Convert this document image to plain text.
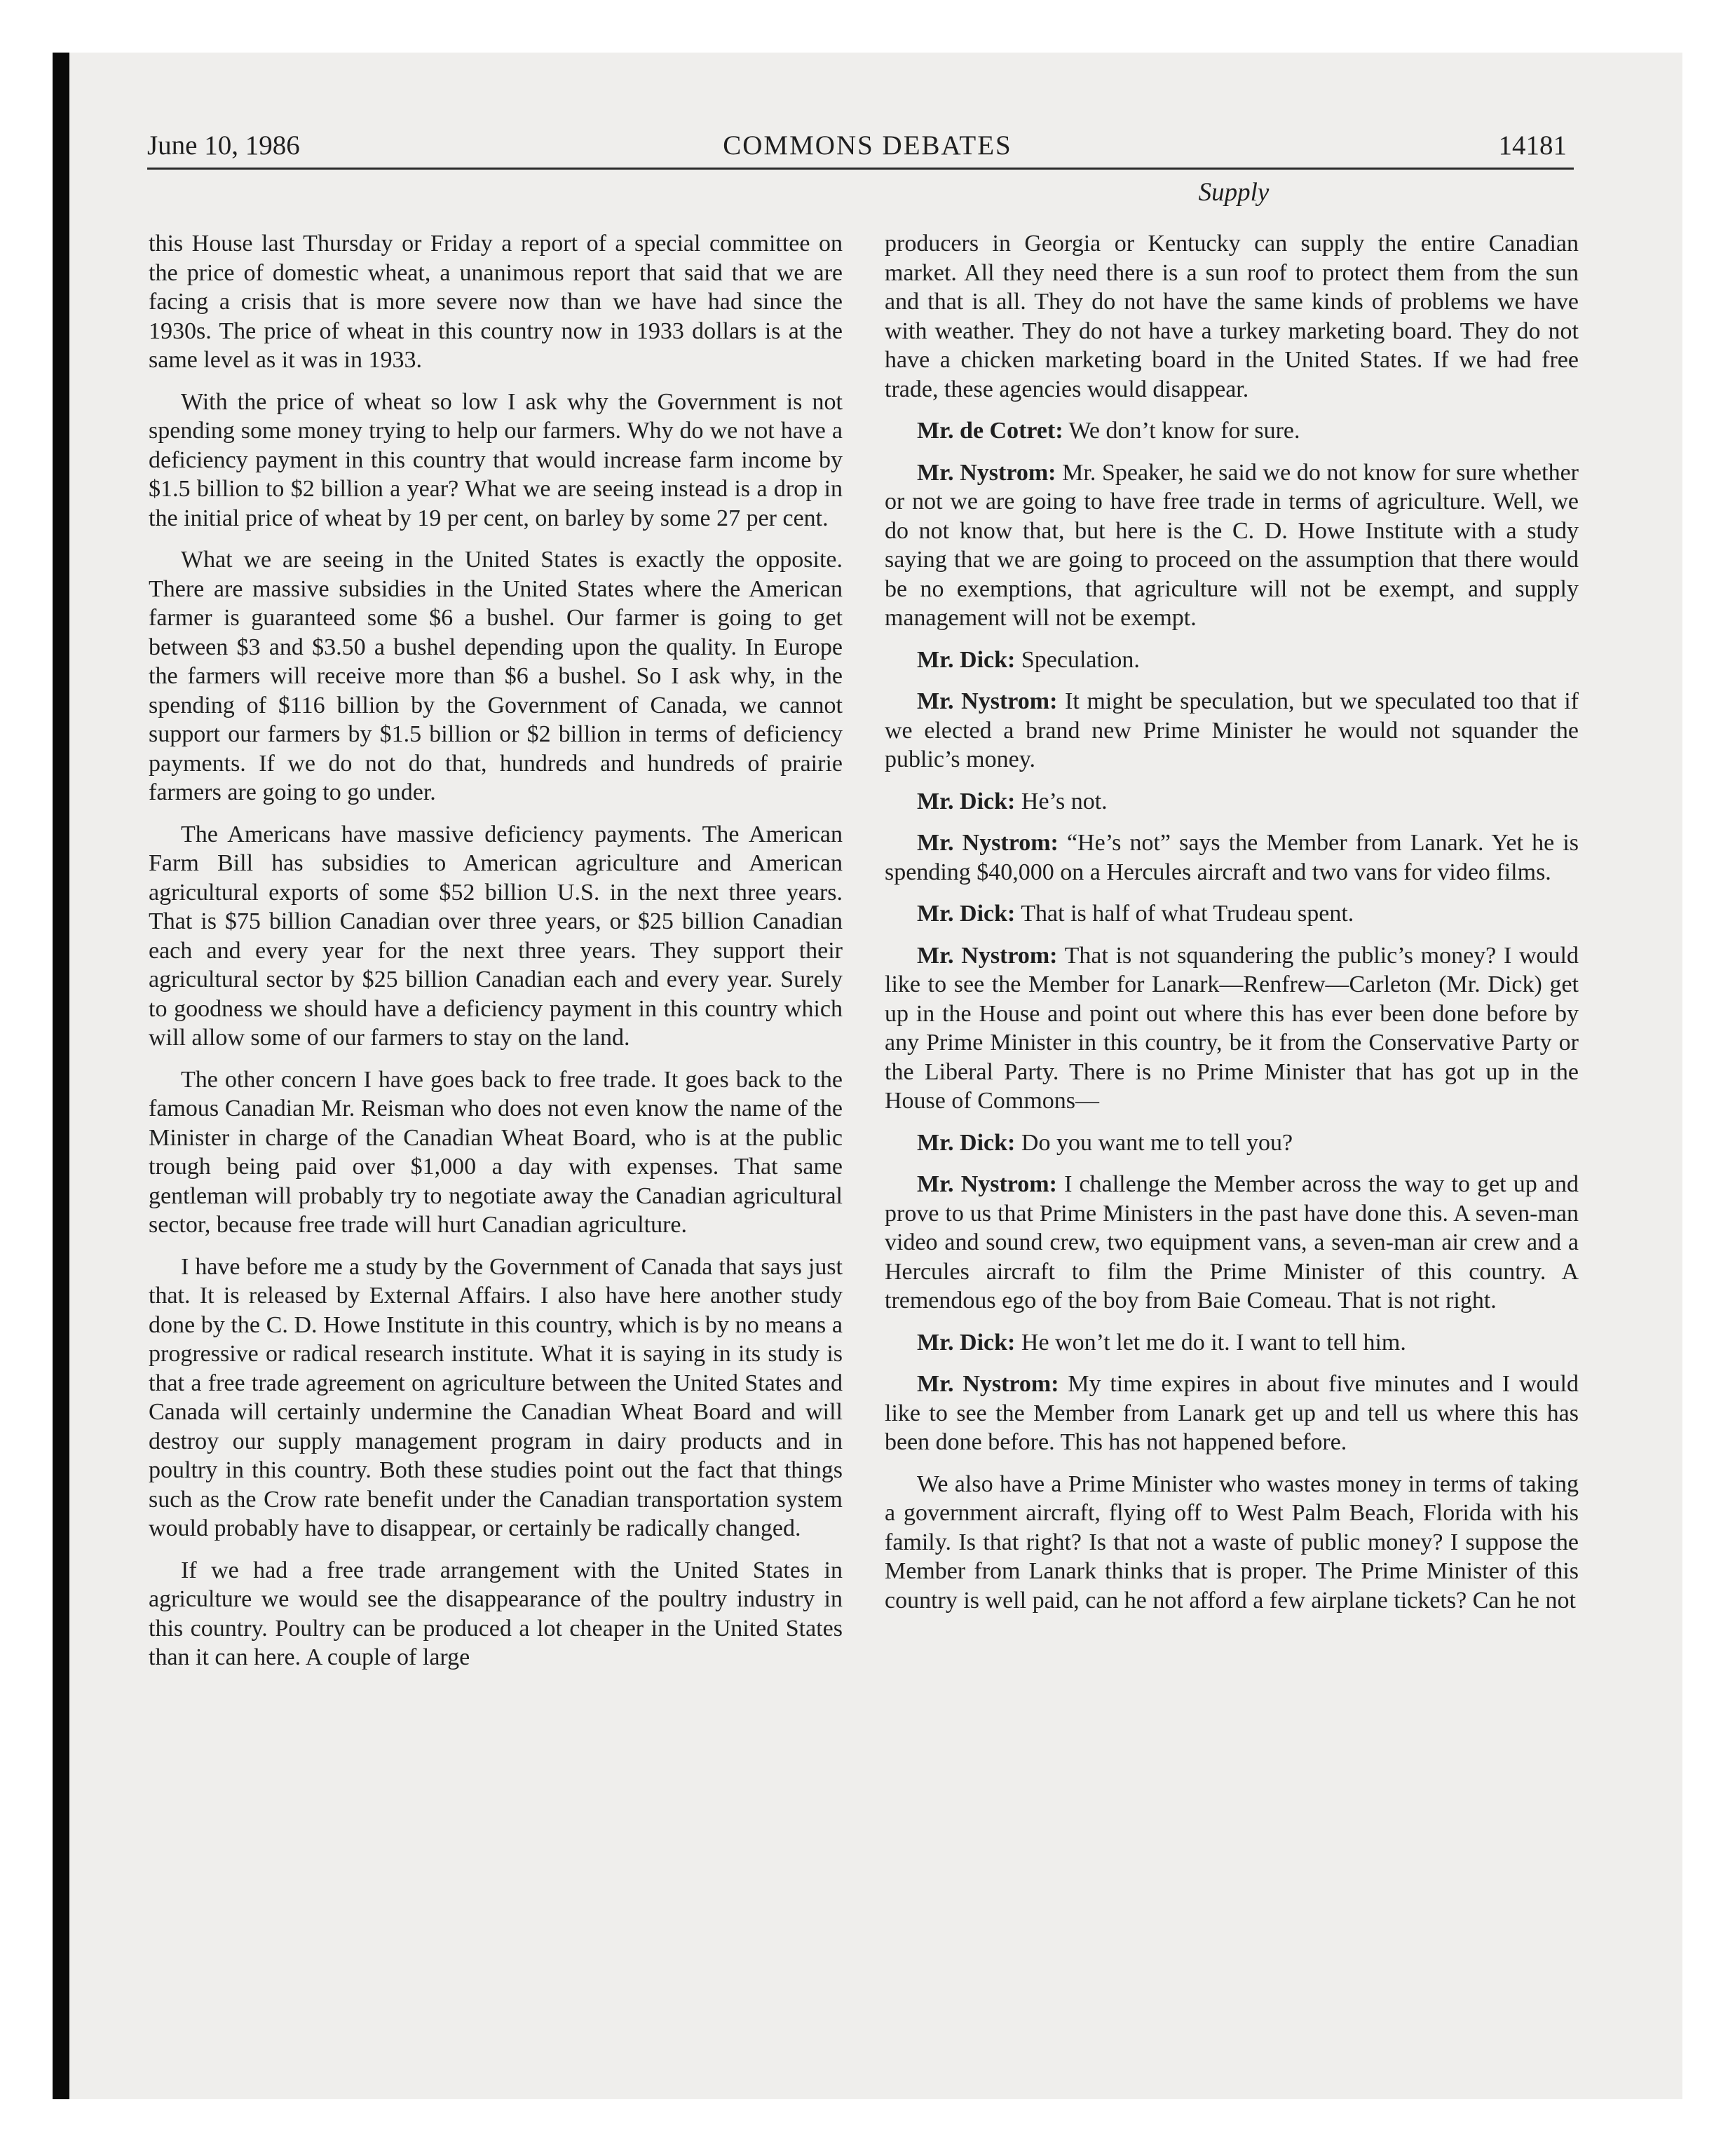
June 10, 1986	COMMONS DEBATES	14181
Supply

this House last Thursday or Friday a report of a special committee on the price of domestic wheat, a unanimous report that said that we are facing a crisis that is more severe now than we have had since the 1930s. The price of wheat in this country now in 1933 dollars is at the same level as it was in 1933.

With the price of wheat so low I ask why the Government is not spending some money trying to help our farmers. Why do we not have a deficiency payment in this country that would increase farm income by $1.5 billion to $2 billion a year? What we are seeing instead is a drop in the initial price of wheat by 19 per cent, on barley by some 27 per cent.

What we are seeing in the United States is exactly the opposite. There are massive subsidies in the United States where the American farmer is guaranteed some $6 a bushel. Our farmer is going to get between $3 and $3.50 a bushel depending upon the quality. In Europe the farmers will receive more than $6 a bushel. So I ask why, in the spending of $116 billion by the Government of Canada, we cannot support our farmers by $1.5 billion or $2 billion in terms of deficiency payments. If we do not do that, hundreds and hundreds of prairie farmers are going to go under.

The Americans have massive deficiency payments. The American Farm Bill has subsidies to American agriculture and American agricultural exports of some $52 billion U.S. in the next three years. That is $75 billion Canadian over three years, or $25 billion Canadian each and every year for the next three years. They support their agricultural sector by $25 billion Canadian each and every year. Surely to goodness we should have a deficiency payment in this country which will allow some of our farmers to stay on the land.

The other concern I have goes back to free trade. It goes back to the famous Canadian Mr. Reisman who does not even know the name of the Minister in charge of the Canadian Wheat Board, who is at the public trough being paid over $1,000 a day with expenses. That same gentleman will probably try to negotiate away the Canadian agricultural sector, because free trade will hurt Canadian agriculture.

I have before me a study by the Government of Canada that says just that. It is released by External Affairs. I also have here another study done by the C. D. Howe Institute in this country, which is by no means a progressive or radical research institute. What it is saying in its study is that a free trade agreement on agriculture between the United States and Canada will certainly undermine the Canadian Wheat Board and will destroy our supply management program in dairy products and in poultry in this country. Both these studies point out the fact that things such as the Crow rate benefit under the Canadian transportation system would probably have to disappear, or certainly be radically changed.

If we had a free trade arrangement with the United States in agriculture we would see the disappearance of the poultry industry in this country. Poultry can be produced a lot cheaper in the United States than it can here. A couple of large

producers in Georgia or Kentucky can supply the entire Canadian market. All they need there is a sun roof to protect them from the sun and that is all. They do not have the same kinds of problems we have with weather. They do not have a turkey marketing board. They do not have a chicken marketing board in the United States. If we had free trade, these agencies would disappear.

Mr. de Cotret: We don’t know for sure.

Mr. Nystrom: Mr. Speaker, he said we do not know for sure whether or not we are going to have free trade in terms of agriculture. Well, we do not know that, but here is the C. D. Howe Institute with a study saying that we are going to proceed on the assumption that there would be no exemptions, that agriculture will not be exempt, and supply management will not be exempt.

Mr. Dick: Speculation.

Mr. Nystrom: It might be speculation, but we speculated too that if we elected a brand new Prime Minister he would not squander the public’s money.

Mr. Dick: He’s not.

Mr. Nystrom: “He’s not” says the Member from Lanark. Yet he is spending $40,000 on a Hercules aircraft and two vans for video films.

Mr. Dick: That is half of what Trudeau spent.

Mr. Nystrom: That is not squandering the public’s money? I would like to see the Member for Lanark—Renfrew—Carleton (Mr. Dick) get up in the House and point out where this has ever been done before by any Prime Minister in this country, be it from the Conservative Party or the Liberal Party. There is no Prime Minister that has got up in the House of Commons—

Mr. Dick: Do you want me to tell you?

Mr. Nystrom: I challenge the Member across the way to get up and prove to us that Prime Ministers in the past have done this. A seven-man video and sound crew, two equipment vans, a seven-man air crew and a Hercules aircraft to film the Prime Minister of this country. A tremendous ego of the boy from Baie Comeau. That is not right.

Mr. Dick: He won’t let me do it. I want to tell him.

Mr. Nystrom: My time expires in about five minutes and I would like to see the Member from Lanark get up and tell us where this has been done before. This has not happened before.

We also have a Prime Minister who wastes money in terms of taking a government aircraft, flying off to West Palm Beach, Florida with his family. Is that right? Is that not a waste of public money? I suppose the Member from Lanark thinks that is proper. The Prime Minister of this country is well paid, can he not afford a few airplane tickets? Can he not
